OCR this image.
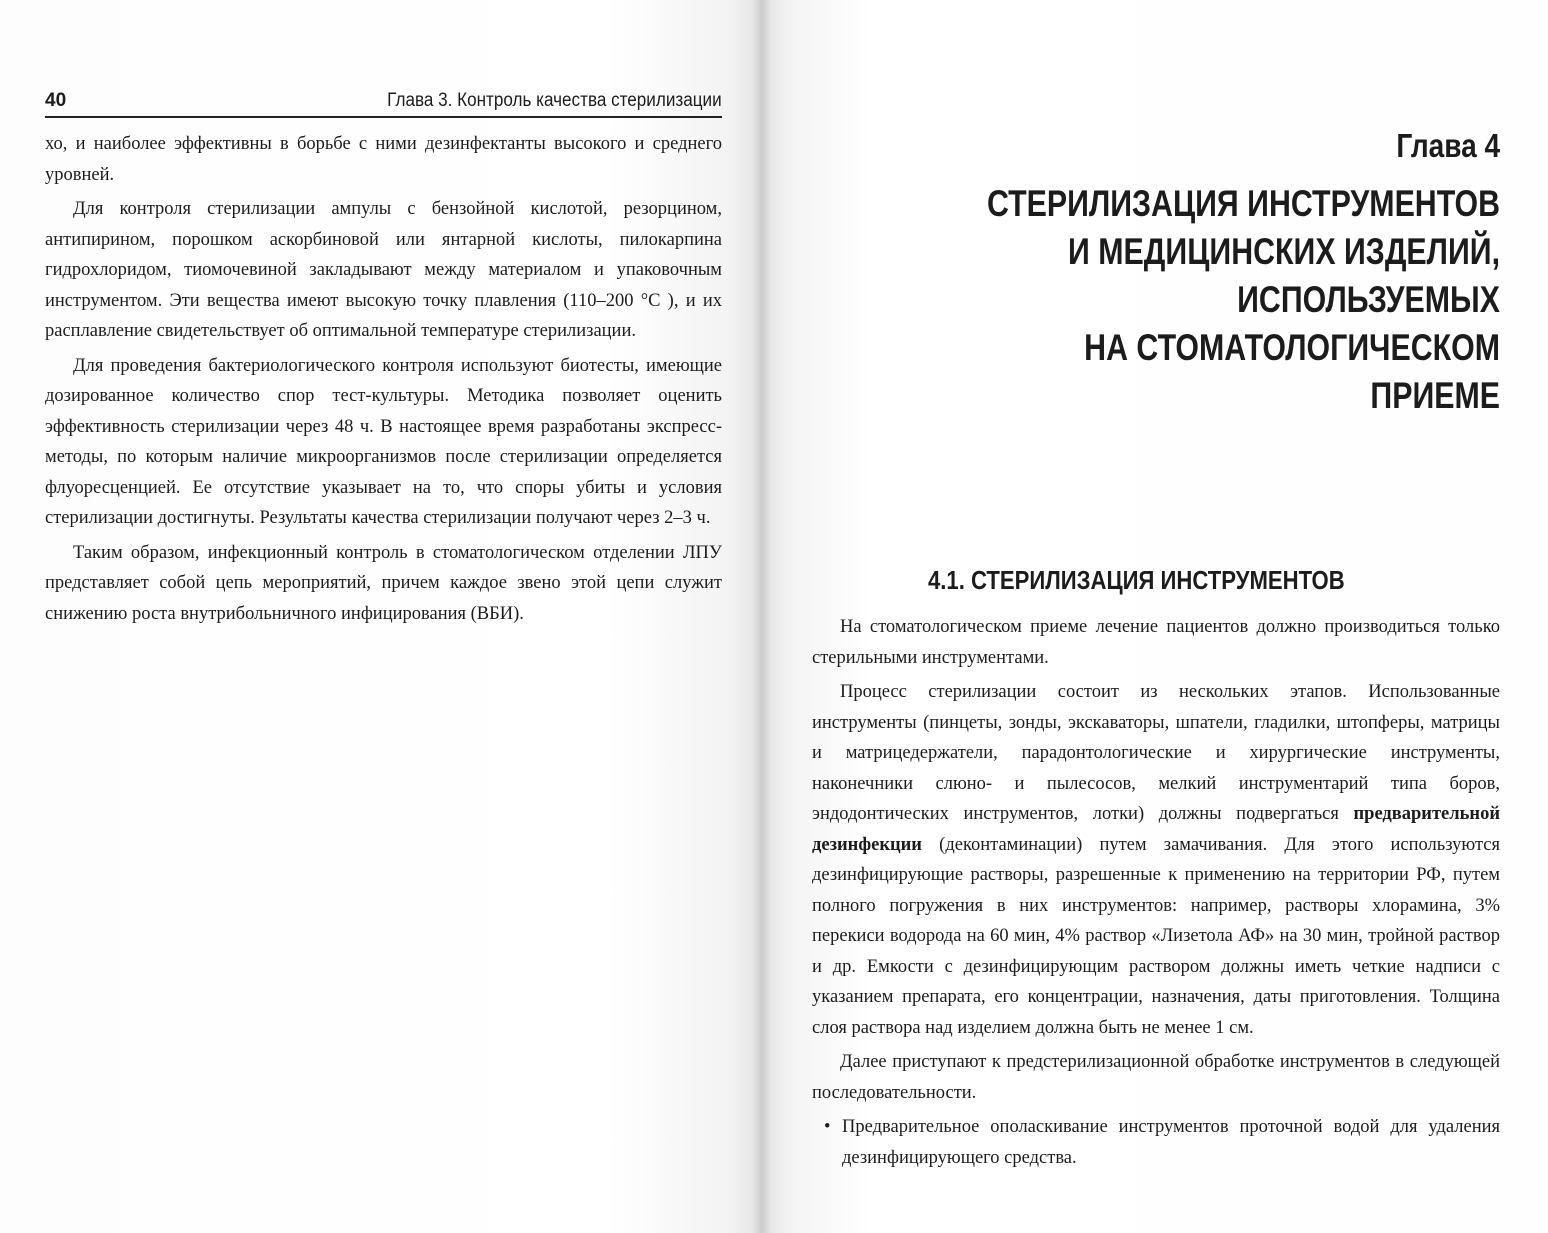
40	Глава 3. Контроль качества стерилизации

хо, и наиболее эффективны в борьбе с ними дезинфектанты высокого и среднего уровней.

Для контроля стерилизации ампулы с бензойной кислотой, резорцином, антипирином, порошком аскорбиновой или янтарной кислоты, пилокарпина гидрохлоридом, тиомочевиной закладывают между материалом и упаковочным инструментом. Эти вещества имеют высокую точку плавления (110–200 °С ), и их расплавление свидетельствует об оптимальной температуре стерилизации.

Для проведения бактериологического контроля используют биотесты, имеющие дозированное количество спор тест-культуры. Методика позволяет оценить эффективность стерилизации через 48 ч. В настоящее время разработаны экспресс-методы, по которым наличие микроорганизмов после стерилизации определяется флуоресценцией. Ее отсутствие указывает на то, что споры убиты и условия стерилизации достигнуты. Результаты качества стерилизации получают через 2–3 ч.

Таким образом, инфекционный контроль в стоматологическом отделении ЛПУ представляет собой цепь мероприятий, причем каждое звено этой цепи служит снижению роста внутрибольничного инфицирования (ВБИ).

Глава 4
СТЕРИЛИЗАЦИЯ ИНСТРУМЕНТОВ
И МЕДИЦИНСКИХ ИЗДЕЛИЙ,
ИСПОЛЬЗУЕМЫХ
НА СТОМАТОЛОГИЧЕСКОМ
ПРИЕМЕ
4.1. СТЕРИЛИЗАЦИЯ ИНСТРУМЕНТОВ

На стоматологическом приеме лечение пациентов должно производиться только стерильными инструментами.

Процесс стерилизации состоит из нескольких этапов. Использованные инструменты (пинцеты, зонды, экскаваторы, шпатели, гладилки, штопферы, матрицы и матрицедержатели, парадонтологические и хирургические инструменты, наконечники слюно- и пылесосов, мелкий инструментарий типа боров, эндодонтических инструментов, лотки) должны подвергаться предварительной дезинфекции (деконтаминации) путем замачивания. Для этого используются дезинфицирующие растворы, разрешенные к применению на территории РФ, путем полного погружения в них инструментов: например, растворы хлорамина, 3% перекиси водорода на 60 мин, 4% раствор «Лизетола АФ» на 30 мин, тройной раствор и др. Емкости с дезинфицирующим раствором должны иметь четкие надписи с указанием препарата, его концентрации, назначения, даты приготовления. Толщина слоя раствора над изделием должна быть не менее 1 см.

Далее приступают к предстерилизационной обработке инструментов в следующей последовательности.

• Предварительное ополаскивание инструментов проточной водой для удаления дезинфицирующего средства.
